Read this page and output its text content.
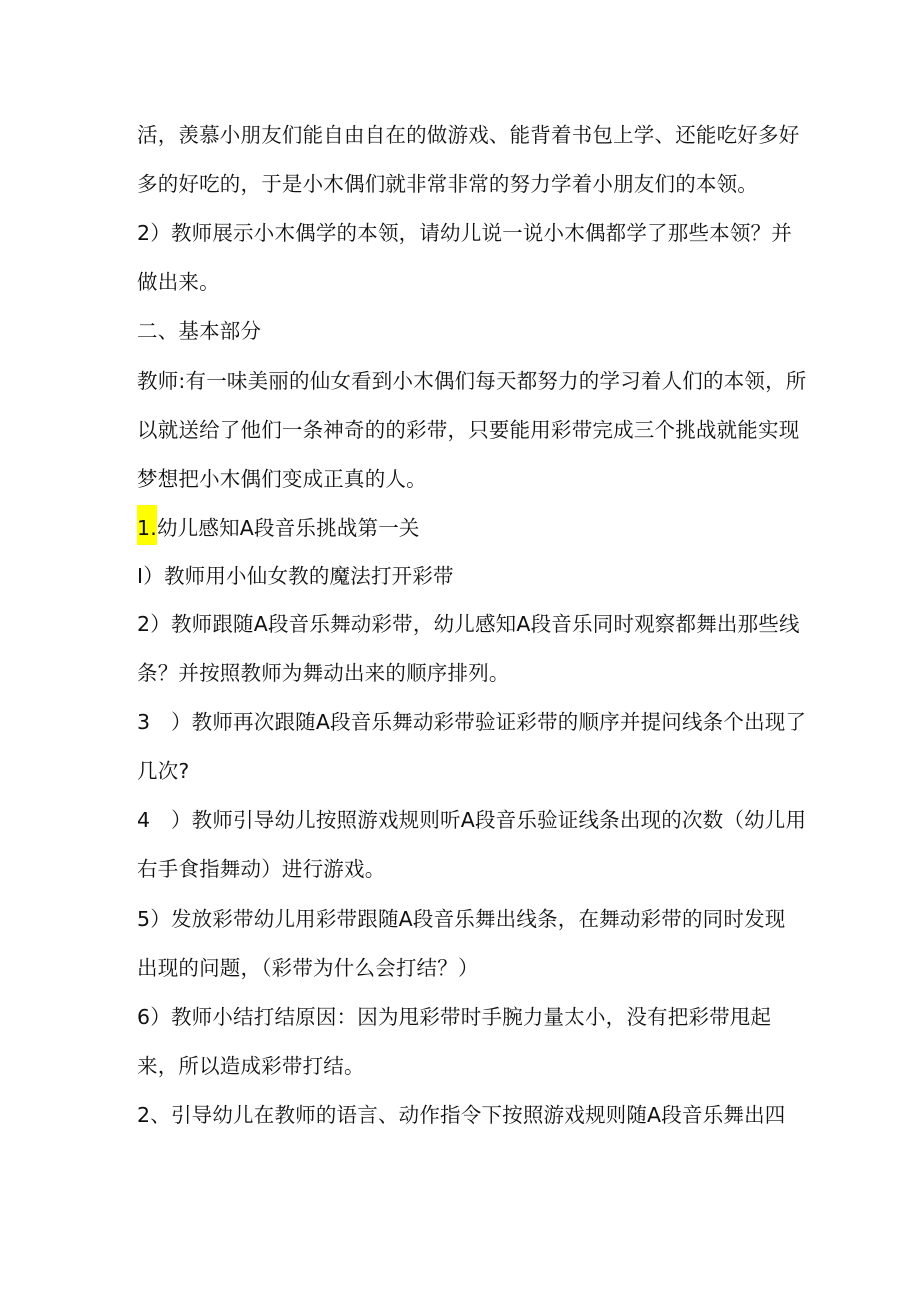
活，羡慕小朋友们能自由自在的做游戏、能背着书包上学、还能吃好多好
多的好吃的，于是小木偶们就非常非常的努力学着小朋友们的本领。
2）教师展示小木偶学的本领，请幼儿说一说小木偶都学了那些本领？并
做出来。
二、基本部分
教师:有一味美丽的仙女看到小木偶们每天都努力的学习着人们的本领，所
以就送给了他们一条神奇的的彩带，只要能用彩带完成三个挑战就能实现
梦想把小木偶们变成正真的人。
1.幼儿感知A段音乐挑战第一关
I）教师用小仙女教的魔法打开彩带
2）教师跟随A段音乐舞动彩带，幼儿感知A段音乐同时观察都舞出那些线
条？并按照教师为舞动出来的顺序排列。
3　）教师再次跟随A段音乐舞动彩带验证彩带的顺序并提问线条个出现了
几次?
4　）教师引导幼儿按照游戏规则听A段音乐验证线条出现的次数（幼儿用
右手食指舞动）进行游戏。
5）发放彩带幼儿用彩带跟随A段音乐舞出线条，在舞动彩带的同时发现
出现的问题，（彩带为什么会打结？）
6）教师小结打结原因：因为甩彩带时手腕力量太小，没有把彩带甩起
来，所以造成彩带打结。
2、引导幼儿在教师的语言、动作指令下按照游戏规则随A段音乐舞出四
